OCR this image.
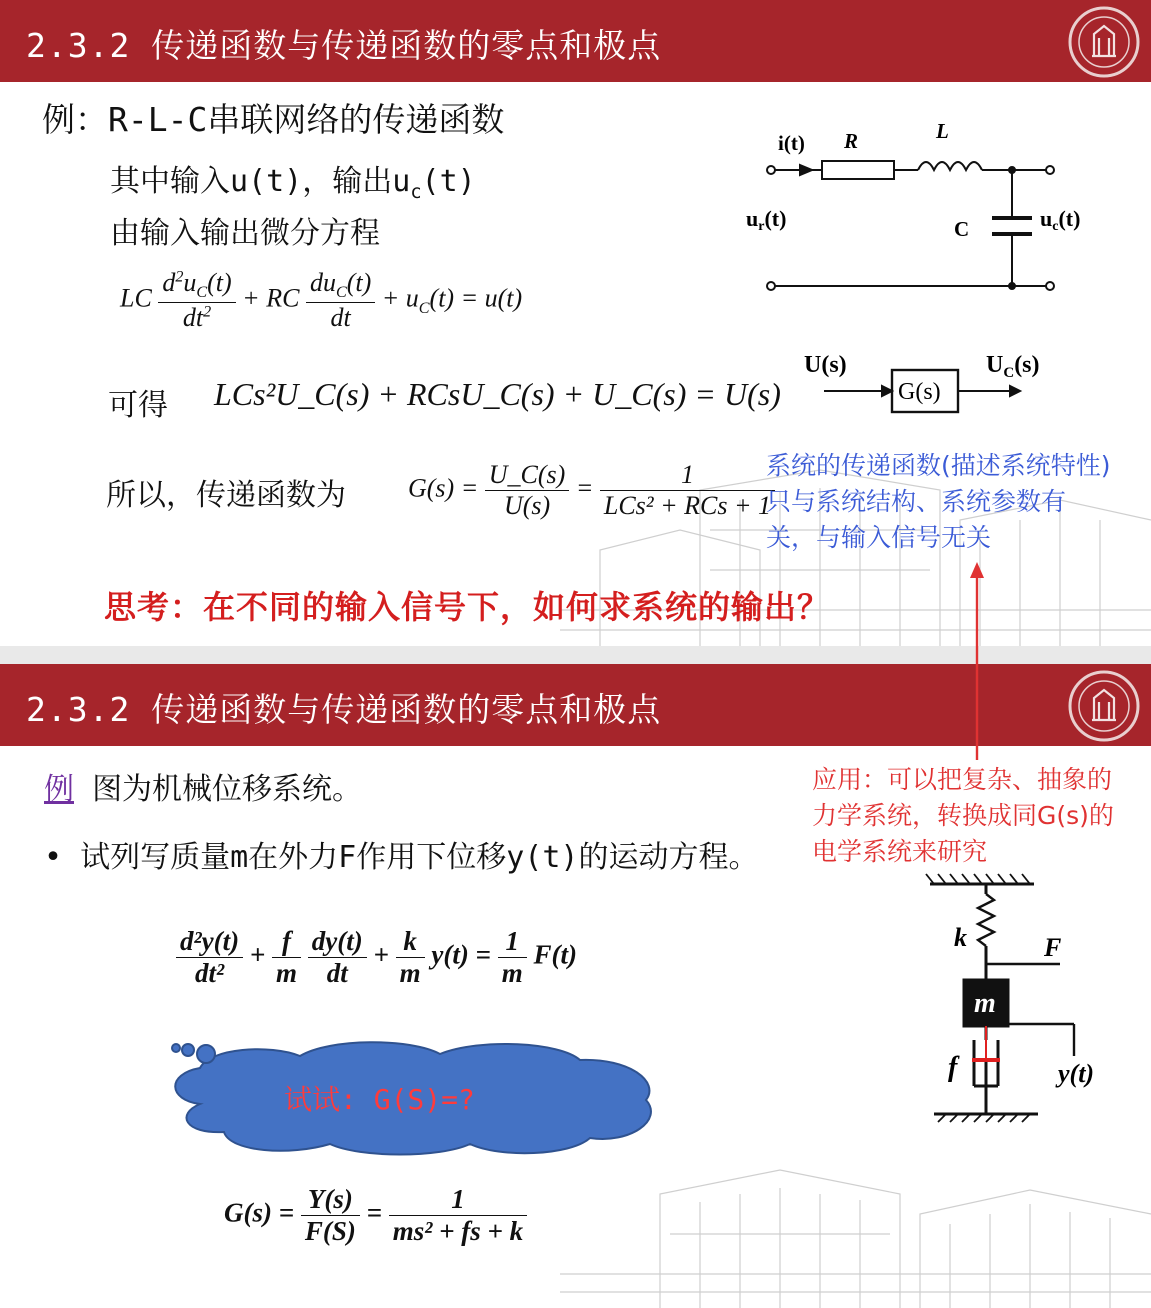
2.3.2 传递函数与传递函数的零点和极点
例：R-L-C串联网络的传递函数
其中输入u(t)，输出$u_c(t)$
由输入输出微分方程
LC $\frac{d^2u_C(t)}{dt^2}$ + RC $\frac{du_C(t)}{dt} + u_C(t) = u(t)$
可得 LCs²U_C(s) + RCsU_C(s) + U_C(s) = U(s)
所以，传递函数为 $G(s) = \frac{U\_C(s)}{U(s)} = \frac{1}{\text{LCs² + RCs + 1}}$
系统的传递函数(描述系统特性)
只与系统结构、系统参数有
关，与输入信号无关
思考：在不同的输入信号下，如何求系统的输出？
i(t) R	L
C
ur(t)	uc(t)
U(s)
G(s)
$U_C(s)$
2.3.2 传递函数与传递函数的零点和极点
例 图为机械位移系统。
• 试列写质量m在外力F作用下位移y(t)的运动方程。
应用：可以把复杂、抽象的
力学系统，转换成同G(s)的
电学系统来研究
$\frac{\text{d²y(t)}}{\text{dt²}} + \frac{f}{m}$
$\frac{dy(t)}{dt} + \frac{k}{m} y(t) = \frac{1}{m} F(t)$
试试: G(S)=?
$G(s) = \frac{Y(s)}{F(S)} = \frac{1}{\text{ms² + fs + k}}$
k	F
m
f	y(t)
